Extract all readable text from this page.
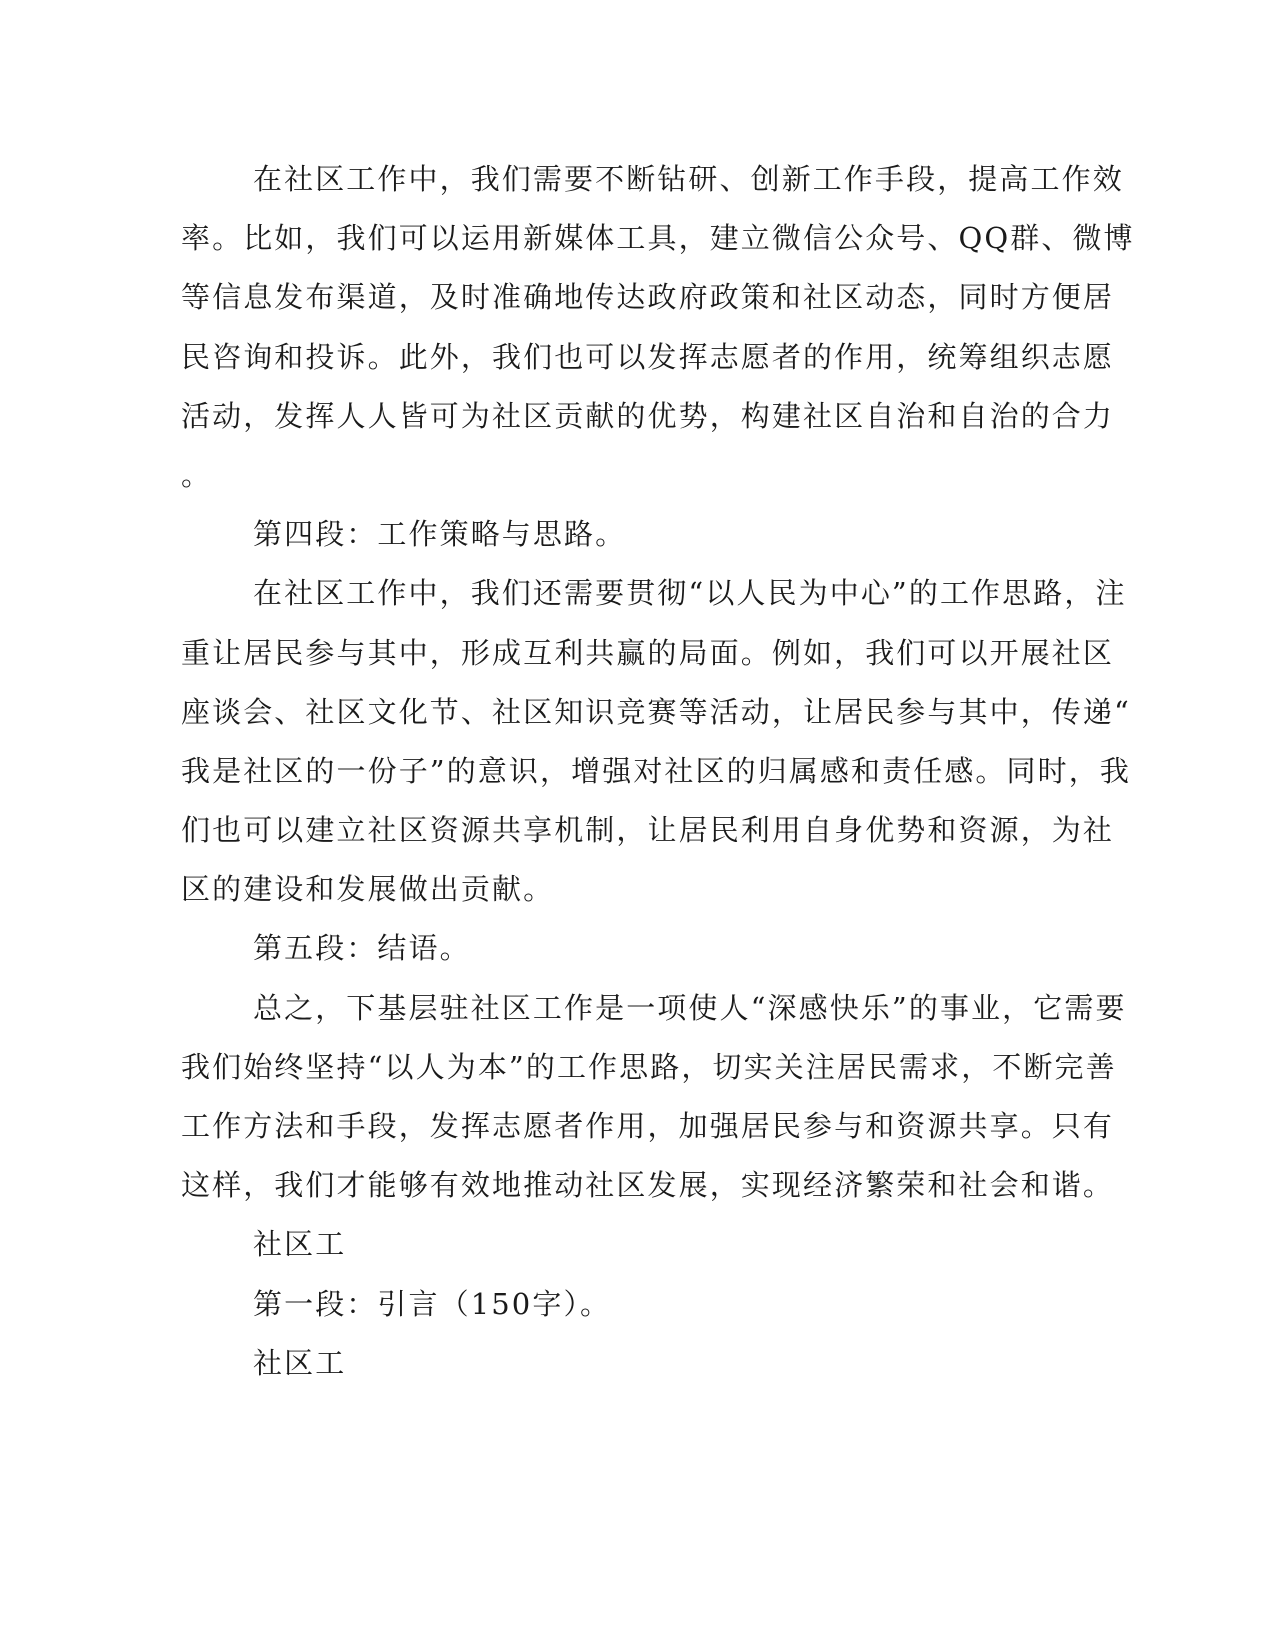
在社区工作中，我们需要不断钻研、创新工作手段，提高工作效
率。比如，我们可以运用新媒体工具，建立微信公众号、QQ群、微博
等信息发布渠道，及时准确地传达政府政策和社区动态，同时方便居
民咨询和投诉。此外，我们也可以发挥志愿者的作用，统筹组织志愿
活动，发挥人人皆可为社区贡献的优势，构建社区自治和自治的合力
。
第四段：工作策略与思路。
在社区工作中，我们还需要贯彻“以人民为中心”的工作思路，注
重让居民参与其中，形成互利共赢的局面。例如，我们可以开展社区
座谈会、社区文化节、社区知识竞赛等活动，让居民参与其中，传递“
我是社区的一份子”的意识，增强对社区的归属感和责任感。同时，我
们也可以建立社区资源共享机制，让居民利用自身优势和资源，为社
区的建设和发展做出贡献。
第五段：结语。
总之，下基层驻社区工作是一项使人“深感快乐”的事业，它需要
我们始终坚持“以人为本”的工作思路，切实关注居民需求，不断完善
工作方法和手段，发挥志愿者作用，加强居民参与和资源共享。只有
这样，我们才能够有效地推动社区发展，实现经济繁荣和社会和谐。
社区工
第一段：引言（150字）。
社区工
